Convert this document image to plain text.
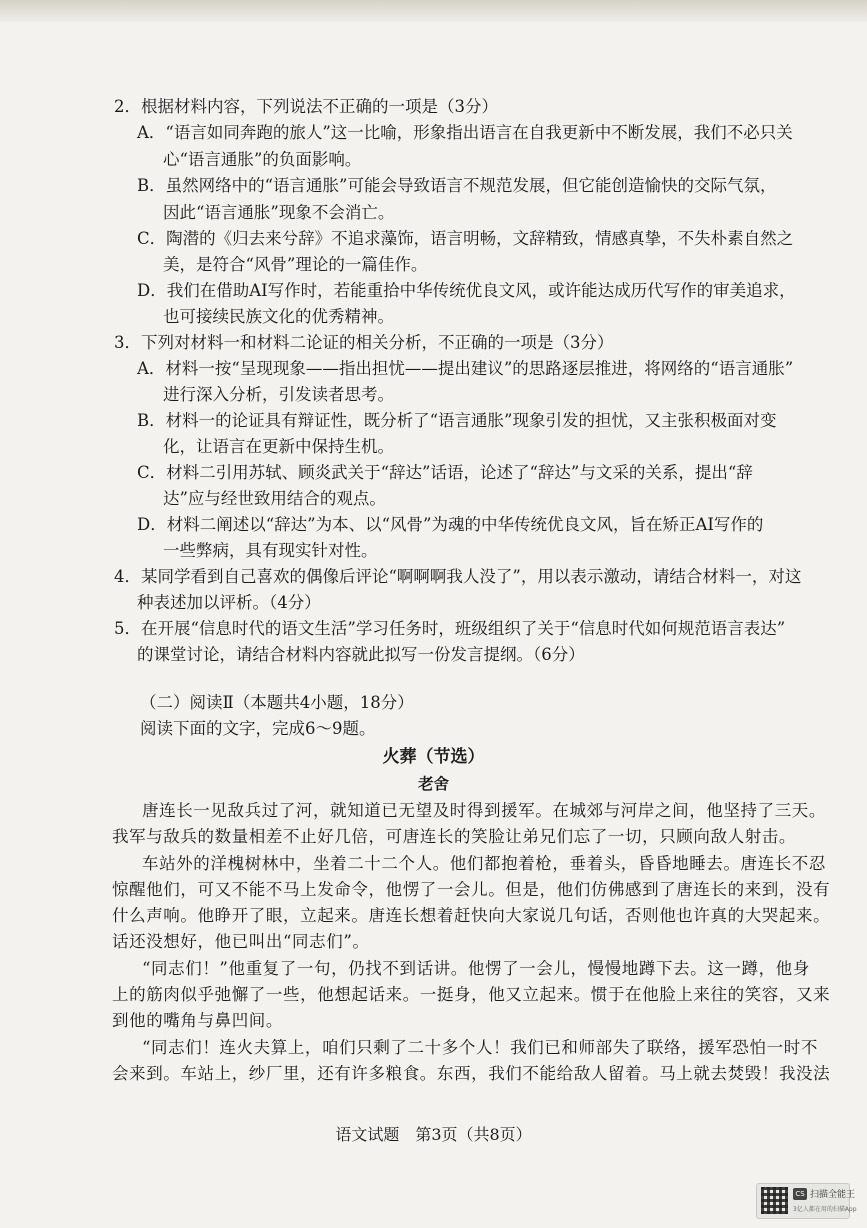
2．根据材料内容，下列说法不正确的一项是（3分）
A．“语言如同奔跑的旅人”这一比喻，形象指出语言在自我更新中不断发展，我们不必只关
心“语言通胀”的负面影响。
B．虽然网络中的“语言通胀”可能会导致语言不规范发展，但它能创造愉快的交际气氛，
因此“语言通胀”现象不会消亡。
C．陶潜的《归去来兮辞》不追求藻饰，语言明畅，文辞精致，情感真挚，不失朴素自然之
美，是符合“风骨”理论的一篇佳作。
D．我们在借助AI写作时，若能重拾中华传统优良文风，或许能达成历代写作的审美追求，
也可接续民族文化的优秀精神。
3．下列对材料一和材料二论证的相关分析，不正确的一项是（3分）
A．材料一按“呈现现象——指出担忧——提出建议”的思路逐层推进，将网络的“语言通胀”
进行深入分析，引发读者思考。
B．材料一的论证具有辩证性，既分析了“语言通胀”现象引发的担忧，又主张积极面对变
化，让语言在更新中保持生机。
C．材料二引用苏轼、顾炎武关于“辞达”话语，论述了“辞达”与文采的关系，提出“辞
达”应与经世致用结合的观点。
D．材料二阐述以“辞达”为本、以“风骨”为魂的中华传统优良文风，旨在矫正AI写作的
一些弊病，具有现实针对性。
4．某同学看到自己喜欢的偶像后评论“啊啊啊我人没了”，用以表示激动，请结合材料一，对这
种表述加以评析。（4分）
5．在开展“信息时代的语文生活”学习任务时，班级组织了关于“信息时代如何规范语言表达”
的课堂讨论，请结合材料内容就此拟写一份发言提纲。（6分）
（二）阅读Ⅱ（本题共4小题，18分）
阅读下面的文字，完成6～9题。
火葬（节选）
老舍
唐连长一见敌兵过了河，就知道已无望及时得到援军。在城郊与河岸之间，他坚持了三天。
我军与敌兵的数量相差不止好几倍，可唐连长的笑脸让弟兄们忘了一切，只顾向敌人射击。
车站外的洋槐树林中，坐着二十二个人。他们都抱着枪，垂着头，昏昏地睡去。唐连长不忍
惊醒他们，可又不能不马上发命令，他愣了一会儿。但是，他们仿佛感到了唐连长的来到，没有
什么声响。他睁开了眼，立起来。唐连长想着赶快向大家说几句话，否则他也许真的大哭起来。
话还没想好，他已叫出“同志们”。
“同志们！”他重复了一句，仍找不到话讲。他愣了一会儿，慢慢地蹲下去。这一蹲，他身
上的筋肉似乎弛懈了一些，他想起话来。一挺身，他又立起来。惯于在他脸上来往的笑容，又来
到他的嘴角与鼻凹间。
“同志们！连火夫算上，咱们只剩了二十多个人！我们已和师部失了联络，援军恐怕一时不
会来到。车站上，纱厂里，还有许多粮食。东西，我们不能给敌人留着。马上就去焚毁！我没法
语文试题　第3页（共8页）
CS 扫描全能王
3亿人都在用的扫描App
